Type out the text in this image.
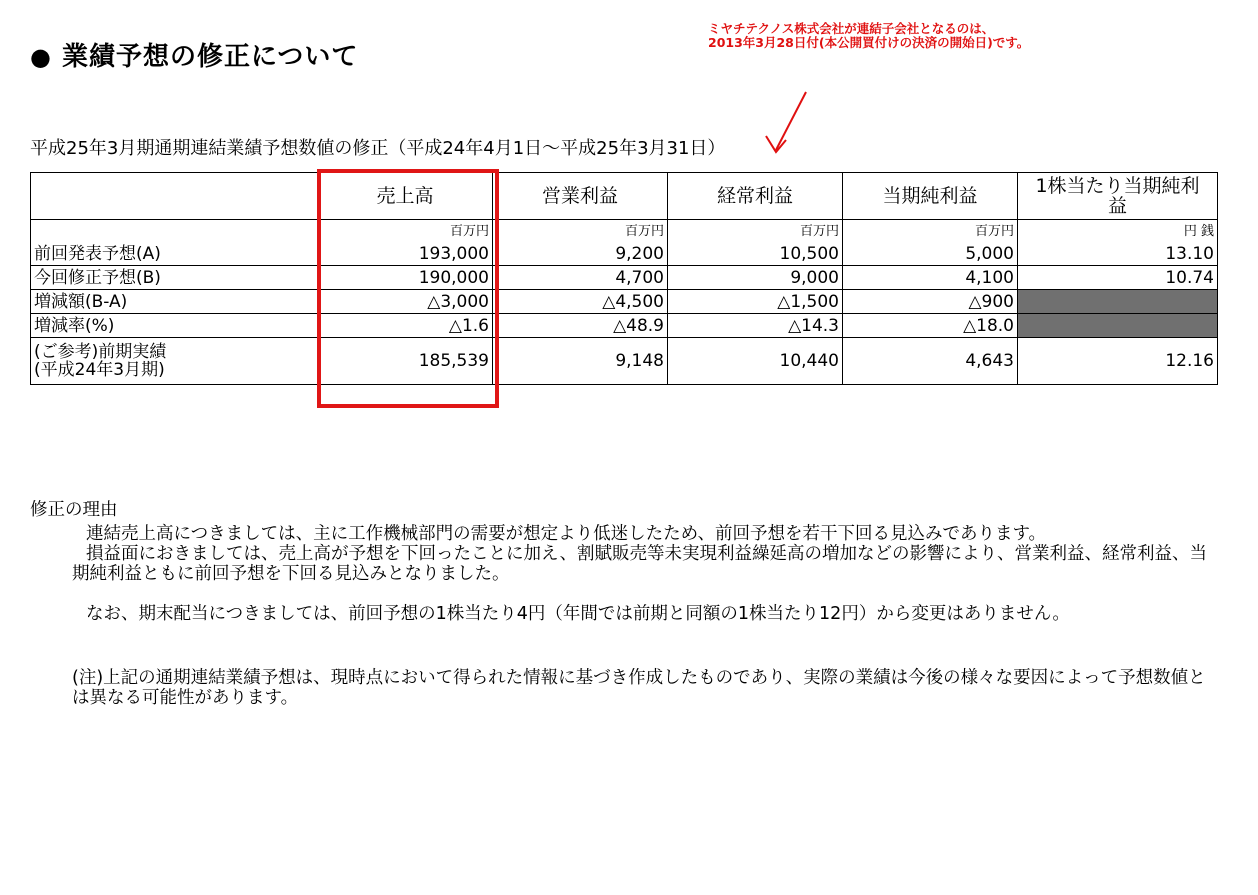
● 業績予想の修正について
ミヤチテクノス株式会社が連結子会社となるのは、
2013年3月28日付(本公開買付けの決済の開始日)です。
平成25年3月期通期連結業績予想数値の修正（平成24年4月1日～平成25年3月31日）
	売上高	営業利益	経常利益	当期純利益	1株当たり当期純利
益

	百万円	百万円	百万円	百万円	円 銭
前回発表予想(A)	193,000	9,200	10,500	5,000	13.10
今回修正予想(B)	190,000	4,700	9,000	4,100	10.74
増減額(B-A)	△3,000	△4,500	△1,500	△900	
増減率(%)	△1.6	△48.9	△14.3	△18.0	

(ご参考)前期実績
(平成24年3月期)	185,539	9,148	10,440	4,643	12.16
修正の理由

連結売上高につきましては、主に工作機械部門の需要が想定より低迷したため、前回予想を若干下回る見込みであります。

損益面におきましては、売上高が予想を下回ったことに加え、割賦販売等未実現利益繰延高の増加などの影響により、営業利益、経常利益、当期純利益ともに前回予想を下回る見込みとなりました。

なお、期末配当につきましては、前回予想の1株当たり4円（年間では前期と同額の1株当たり12円）から変更はありません。

(注)上記の通期連結業績予想は、現時点において得られた情報に基づき作成したものであり、実際の業績は今後の様々な要因によって予想数値とは異なる可能性があります。
